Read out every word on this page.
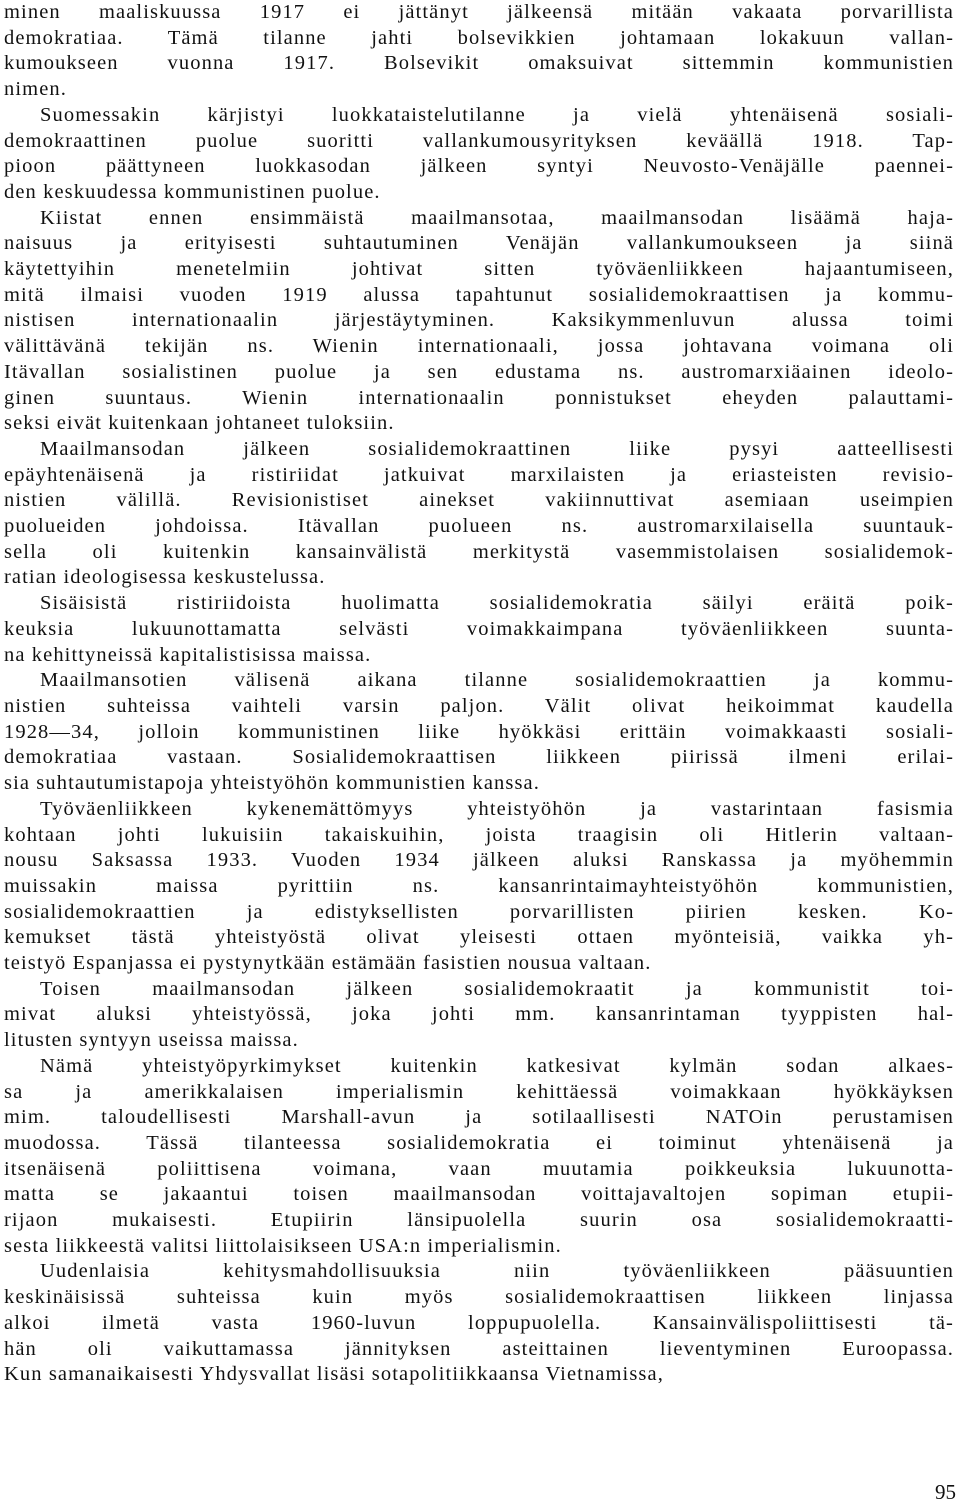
minen maaliskuussa 1917 ei jättänyt jälkeensä mitään vakaata porvarillista
demokratiaa. Tämä tilanne jahti bolsevikkien johtamaan lokakuun vallan-
kumoukseen vuonna 1917. Bolsevikit omaksuivat sittemmin kommunistien
nimen.

Suomessakin kärjistyi luokkataistelutilanne ja vielä yhtenäisenä sosiali-
demokraattinen puolue suoritti vallankumousyrityksen keväällä 1918. Tap-
pioon päättyneen luokkasodan jälkeen syntyi Neuvosto-Venäjälle paennei-
den keskuudessa kommunistinen puolue.

Kiistat ennen ensimmäistä maailmansotaa, maailmansodan lisäämä haja-
naisuus ja erityisesti suhtautuminen Venäjän vallankumoukseen ja siinä
käytettyihin menetelmiin johtivat sitten työväenliikkeen hajaantumiseen,
mitä ilmaisi vuoden 1919 alussa tapahtunut sosialidemokraattisen ja kommu-
nistisen internationaalin järjestäytyminen. Kaksikymmenluvun alussa toimi
välittävänä tekijän ns. Wienin internationaali, jossa johtavana voimana oli
Itävallan sosialistinen puolue ja sen edustama ns. austromarxiäainen ideolo-
ginen suuntaus. Wienin internationaalin ponnistukset eheyden palauttami-
seksi eivät kuitenkaan johtaneet tuloksiin.

Maailmansodan jälkeen sosialidemokraattinen liike pysyi aatteellisesti
epäyhtenäisenä ja ristiriidat jatkuivat marxilaisten ja eriasteisten revisio-
nistien välillä. Revisionistiset ainekset vakiinnuttivat asemiaan useimpien
puolueiden johdoissa. Itävallan puolueen ns. austromarxilaisella suuntauk-
sella oli kuitenkin kansainvälistä merkitystä vasemmistolaisen sosialidemok-
ratian ideologisessa keskustelussa.

Sisäisistä ristiriidoista huolimatta sosialidemokratia säilyi eräitä poik-
keuksia lukuunottamatta selvästi voimakkaimpana työväenliikkeen suunta-
na kehittyneissä kapitalistisissa maissa.

Maailmansotien välisenä aikana tilanne sosialidemokraattien ja kommu-
nistien suhteissa vaihteli varsin paljon. Välit olivat heikoimmat kaudella
1928—34, jolloin kommunistinen liike hyökkäsi erittäin voimakkaasti sosiali-
demokratiaa vastaan. Sosialidemokraattisen liikkeen piirissä ilmeni erilai-
sia suhtautumistapoja yhteistyöhön kommunistien kanssa.

Työväenliikkeen kykenemättömyys yhteistyöhön ja vastarintaan fasismia
kohtaan johti lukuisiin takaiskuihin, joista traagisin oli Hitlerin valtaan-
nousu Saksassa 1933. Vuoden 1934 jälkeen aluksi Ranskassa ja myöhemmin
muissakin maissa pyrittiin ns. kansanrintaimayhteistyöhön kommunistien,
sosialidemokraattien ja edistyksellisten porvarillisten piirien kesken. Ko-
kemukset tästä yhteistyöstä olivat yleisesti ottaen myönteisiä, vaikka yh-
teistyö Espanjassa ei pystynytkään estämään fasistien nousua valtaan.

Toisen maailmansodan jälkeen sosialidemokraatit ja kommunistit toi-
mivat aluksi yhteistyössä, joka johti mm. kansanrintaman tyyppisten hal-
litusten syntyyn useissa maissa.

Nämä yhteistyöpyrkimykset kuitenkin katkesivat kylmän sodan alkaes-
sa ja amerikkalaisen imperialismin kehittäessä voimakkaan hyökkäyksen
mim. taloudellisesti Marshall-avun ja sotilaallisesti NATOin perustamisen
muodossa. Tässä tilanteessa sosialidemokratia ei toiminut yhtenäisenä ja
itsenäisenä poliittisena voimana, vaan muutamia poikkeuksia lukuunotta-
matta se jakaantui toisen maailmansodan voittajavaltojen sopiman etupii-
rijaon mukaisesti. Etupiirin länsipuolella suurin osa sosialidemokraatti-
sesta liikkeestä valitsi liittolaisikseen USA:n imperialismin.

Uudenlaisia kehitysmahdollisuuksia niin työväenliikkeen pääsuuntien
keskinäisissä suhteissa kuin myös sosialidemokraattisen liikkeen linjassa
alkoi ilmetä vasta 1960-luvun loppupuolella. Kansainvälispoliittisesti tä-
hän oli vaikuttamassa jännityksen asteittainen lieventyminen Euroopassa.
Kun samanaikaisesti Yhdysvallat lisäsi sotapolitiikkaansa Vietnamissa,

95
